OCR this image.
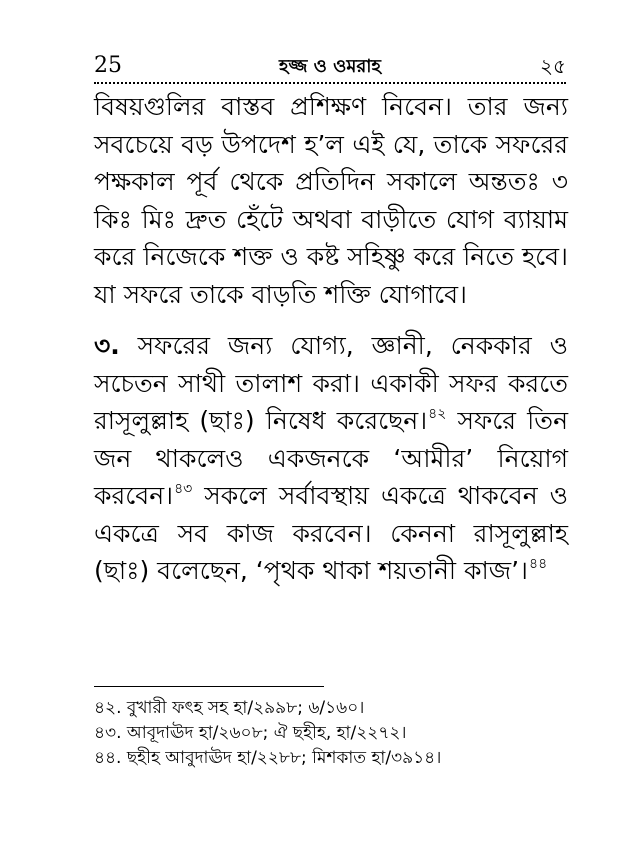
25	হজ্জ ও ওমরাহ	২৫

বিষয়গুলির বাস্তব প্রশিক্ষণ নিবেন। তার জন্য সবচেয়ে বড় উপদেশ হ’ল এই যে, তাকে সফরের পক্ষকাল পূর্ব থেকে প্রতিদিন সকালে অন্ততঃ ৩ কিঃ মিঃ দ্রুত হেঁটে অথবা বাড়ীতে যোগ ব্যায়াম করে নিজেকে শক্ত ও কষ্ট সহিষ্ণু করে নিতে হবে। যা সফরে তাকে বাড়তি শক্তি যোগাবে।

৩. সফরের জন্য যোগ্য, জ্ঞানী, নেককার ও সচেতন সাথী তালাশ করা। একাকী সফর করতে রাসূলুল্লাহ (ছাঃ) নিষেধ করেছেন।$^{৪২}$ সফরে তিন জন থাকলেও একজনকে ‘আমীর’ নিয়োগ করবেন।$^{৪৩}$ সকলে সর্বাবস্থায় একত্রে থাকবেন ও একত্রে সব কাজ করবেন। কেননা রাসূলুল্লাহ (ছাঃ) বলেছেন, ‘পৃথক থাকা শয়তানী কাজ’।$^{৪৪}$

৪২. বুখারী ফৎহ সহ হা/২৯৯৮; ৬/১৬০।
৪৩. আবূদাঊদ হা/২৬০৮; ঐ ছহীহ, হা/২২৭২।
৪৪. ছহীহ আবুদাঊদ হা/২২৮৮; মিশকাত হা/৩৯১৪।
